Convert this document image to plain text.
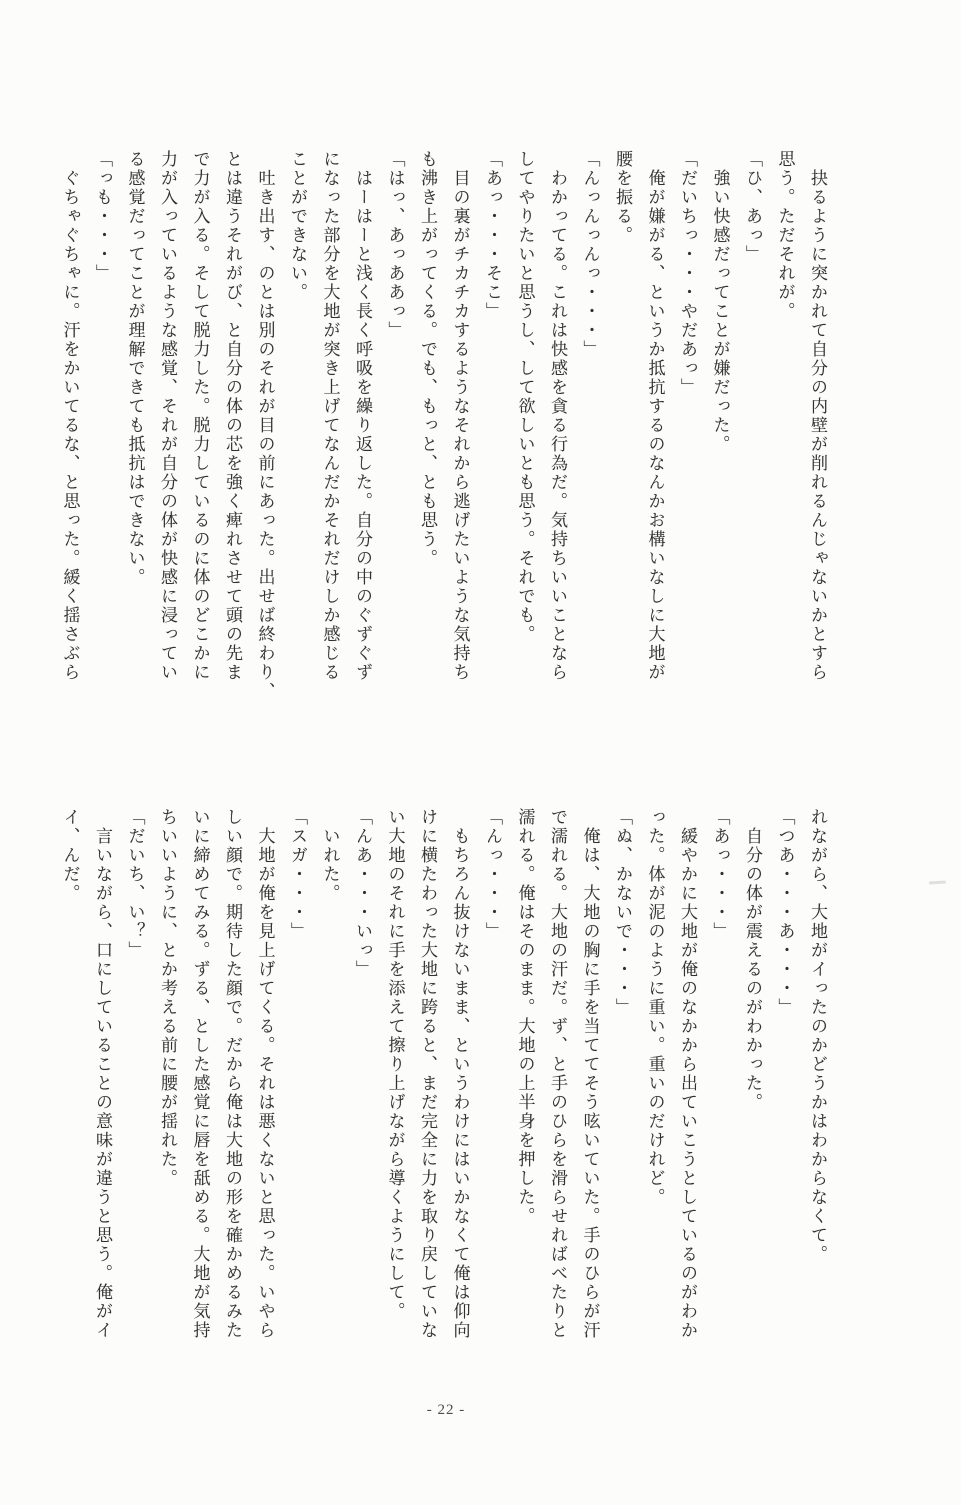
　抉るように突かれて自分の内壁が削れるんじゃないかとすら
思う。ただそれが。
「ひ、あっ」
　強い快感だってことが嫌だった。
「だいちっ・・・やだあっ」
　俺が嫌がる、というか抵抗するのなんかお構いなしに大地が
腰を振る。
「んっんっんっ・・・」
　わかってる。これは快感を貪る行為だ。気持ちいいことなら
してやりたいと思うし、して欲しいとも思う。それでも。
「あっ・・・そこ」
　目の裏がチカチカするようなそれから逃げたいような気持ち
も沸き上がってくる。でも、もっと、とも思う。
「はっ、あっああっ」
　はーはーと浅く長く呼吸を繰り返した。自分の中のぐずぐず
になった部分を大地が突き上げてなんだかそれだけしか感じる
ことができない。
　吐き出す、のとは別のそれが目の前にあった。出せば終わり、
とは違うそれがび、と自分の体の芯を強く痺れさせて頭の先ま
で力が入る。そして脱力した。脱力しているのに体のどこかに
力が入っているような感覚、それが自分の体が快感に浸ってい
る感覚だってことが理解できても抵抗はできない。
「っも・・・」
　ぐちゃぐちゃに。汗をかいてるな、と思った。緩く揺さぶら
れながら、大地がイったのかどうかはわからなくて。
「つあ・・・あ・・・」
　自分の体が震えるのがわかった。
「あっ・・・」
　緩やかに大地が俺のなかから出ていこうとしているのがわか
った。体が泥のように重い。重いのだけれど。
「ぬ、かないで・・・」
　俺は、大地の胸に手を当ててそう呟いていた。手のひらが汗
で濡れる。大地の汗だ。ず、と手のひらを滑らせればべたりと
濡れる。俺はそのまま。大地の上半身を押した。
「んっ・・・」
　もちろん抜けないまま、というわけにはいかなくて俺は仰向
けに横たわった大地に跨ると、まだ完全に力を取り戻していな
い大地のそれに手を添えて擦り上げながら導くようにして。
「んあ・・・いっ」
　いれた。
「スガ・・・」
　大地が俺を見上げてくる。それは悪くないと思った。いやら
しい顔で。期待した顔で。だから俺は大地の形を確かめるみた
いに締めてみる。ずる、とした感覚に唇を舐める。大地が気持
ちいいように、とか考える前に腰が揺れた。
「だいち、い？」
　言いながら、口にしていることの意味が違うと思う。俺がイ
イ、んだ。
- 22 -
